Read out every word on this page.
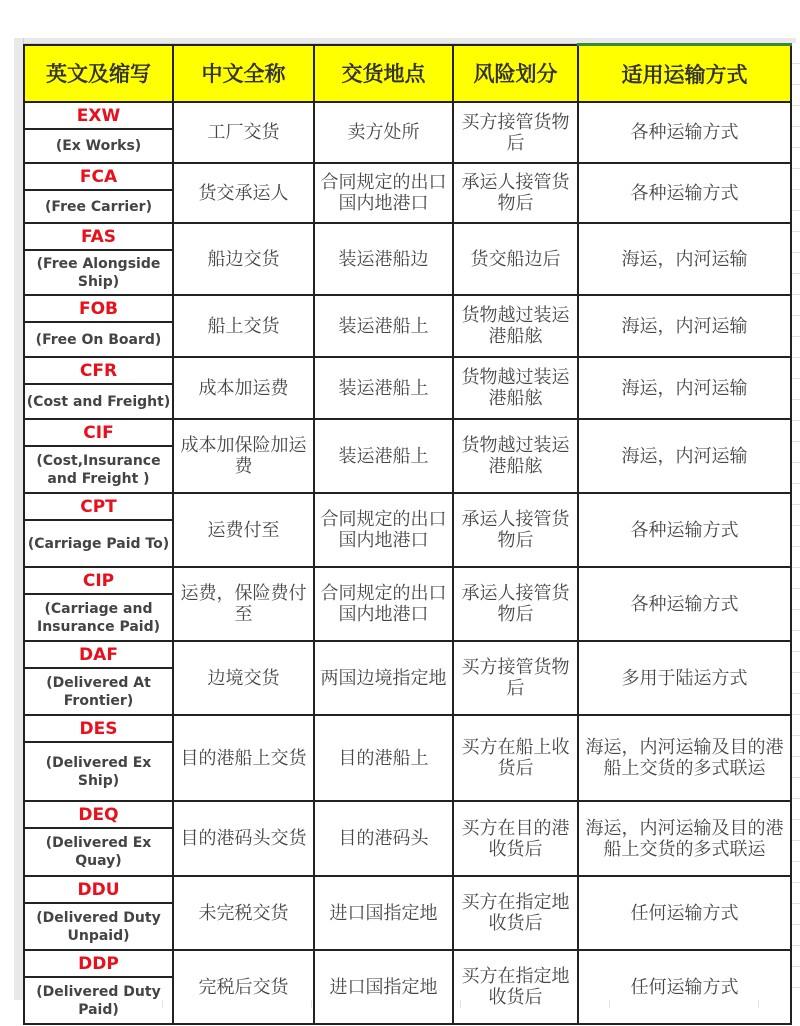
英文及缩写	中文全称	交货地点	风险划分	适用运输方式
EXW	工厂交货	卖方处所	买方接管货物后	各种运输方式
(Ex Works)				
FCA	货交承运人	合同规定的出口国内地港口	承运人接管货物后	各种运输方式
(Free Carrier)				
FAS	船边交货	装运港船边	货交船边后	海运，内河运输
(Free Alongside Ship)				
FOB	船上交货	装运港船上	货物越过装运港船舷	海运，内河运输
(Free On Board)				
CFR	成本加运费	装运港船上	货物越过装运港船舷	海运，内河运输
(Cost and Freight)				
CIF	成本加保险加运费	装运港船上	货物越过装运港船舷	海运，内河运输
(Cost,Insurance and Freight )				
CPT	运费付至	合同规定的出口国内地港口	承运人接管货物后	各种运输方式
(Carriage Paid To)				
CIP	运费，保险费付至	合同规定的出口国内地港口	承运人接管货物后	各种运输方式
(Carriage and Insurance Paid)				
DAF	边境交货	两国边境指定地	买方接管货物后	多用于陆运方式
(Delivered At Frontier)				
DES	目的港船上交货	目的港船上	买方在船上收货后	海运，内河运输及目的港船上交货的多式联运
(Delivered Ex Ship)				
DEQ	目的港码头交货	目的港码头	买方在目的港收货后	海运，内河运输及目的港船上交货的多式联运
(Delivered Ex Quay)				
DDU	未完税交货	进口国指定地	买方在指定地收货后	任何运输方式
(Delivered Duty Unpaid)				
DDP	完税后交货	进口国指定地	买方在指定地收货后	任何运输方式
(Delivered Duty Paid)				
